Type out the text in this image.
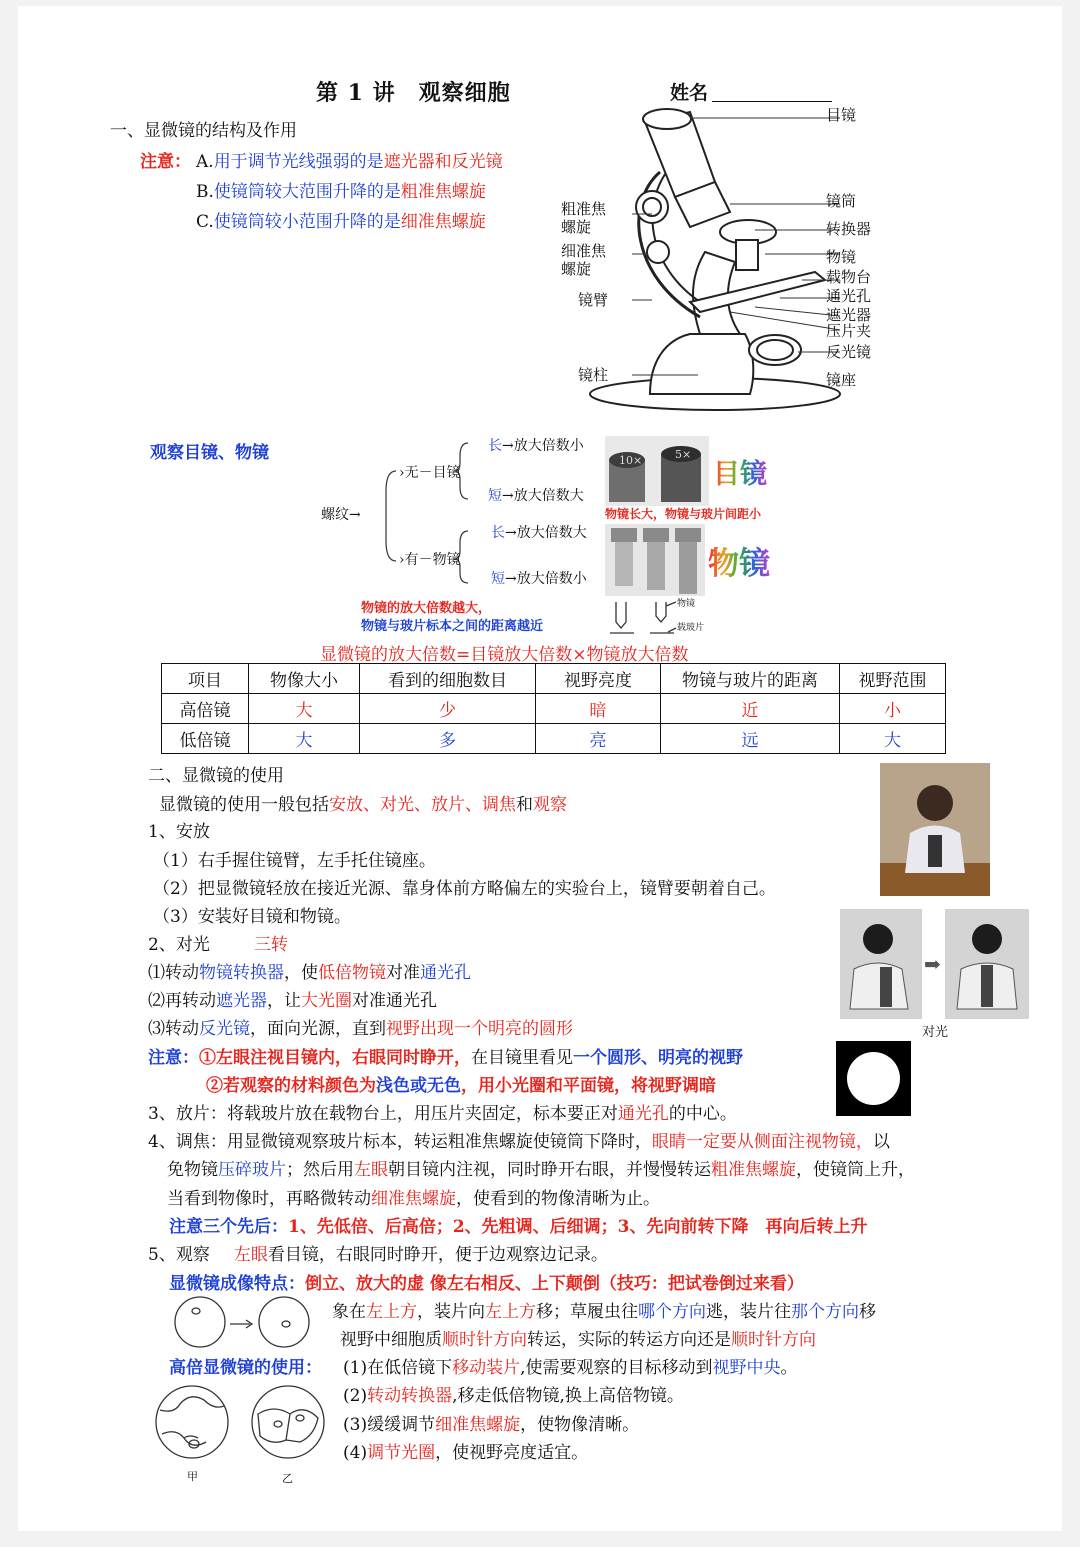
第 1 讲　观察细胞	姓名
一、显微镜的结构及作用
注意： A.用于调节光线强弱的是遮光器和反光镜
B.使镜筒较大范围升降的是粗准焦螺旋
C.使镜筒较小范围升降的是细准焦螺旋
粗准焦
螺旋
细准焦
螺旋
镜臂
镜柱
目镜
镜筒
转换器
物镜
载物台
通光孔
遮光器
压片夹
反光镜
镜座
观察目镜、物镜
螺纹→
›无－目镜
›有－物镜
长→放大倍数小
短→放大倍数大
长→放大倍数大
短→放大倍数小
10×	5×
目镜
物镜长大，物镜与玻片间距小
物镜
物镜的放大倍数越大，
物镜与玻片标本之间的距离越近
物镜
载玻片
显微镜的放大倍数=目镜放大倍数×物镜放大倍数
项目	物像大小	看到的细胞数目	视野亮度	物镜与玻片的距离	视野范围
高倍镜	大	少	暗	近	小
低倍镜	大	多	亮	远	大
二、显微镜的使用
显微镜的使用一般包括安放、对光、放片、调焦和观察
1、安放
（1）右手握住镜臂，左手托住镜座。
（2）把显微镜轻放在接近光源、靠身体前方略偏左的实验台上，镜臂要朝着自己。
（3）安装好目镜和物镜。
2、对光	三转
⑴转动物镜转换器，使低倍物镜对准通光孔
⑵再转动遮光器，让大光圈对准通光孔
⑶转动反光镜，面向光源，直到视野出现一个明亮的圆形
注意：①左眼注视目镜内，右眼同时睁开，在目镜里看见一个圆形、明亮的视野
②若观察的材料颜色为浅色或无色，用小光圈和平面镜，将视野调暗
➡
对光
3、放片：将载玻片放在载物台上，用压片夹固定，标本要正对通光孔的中心。
4、调焦：用显微镜观察玻片标本，转运粗准焦螺旋使镜筒下降时，眼睛一定要从侧面注视物镜，以
免物镜压碎玻片；然后用左眼朝目镜内注视，同时睁开右眼，并慢慢转运粗准焦螺旋，使镜筒上升，
当看到物像时，再略微转动细准焦螺旋，使看到的物像清晰为止。
注意三个先后：1、先低倍、后高倍；2、先粗调、后细调；3、先向前转下降　再向后转上升
5、观察 左眼看目镜，右眼同时睁开，便于边观察边记录。
显微镜成像特点：倒立、放大的虚 像左右相反、上下颠倒（技巧：把试卷倒过来看）
象在左上方，装片向左上方移；草履虫往哪个方向逃，装片往那个方向移
视野中细胞质顺时针方向转运，实际的转运方向还是顺时针方向
高倍显微镜的使用： (1)在低倍镜下移动装片,使需要观察的目标移动到视野中央。
(2)转动转换器,移走低倍物镜,换上高倍物镜。
(3)缓缓调节细准焦螺旋，使物像清晰。
(4)调节光圈，使视野亮度适宜。
甲	乙
